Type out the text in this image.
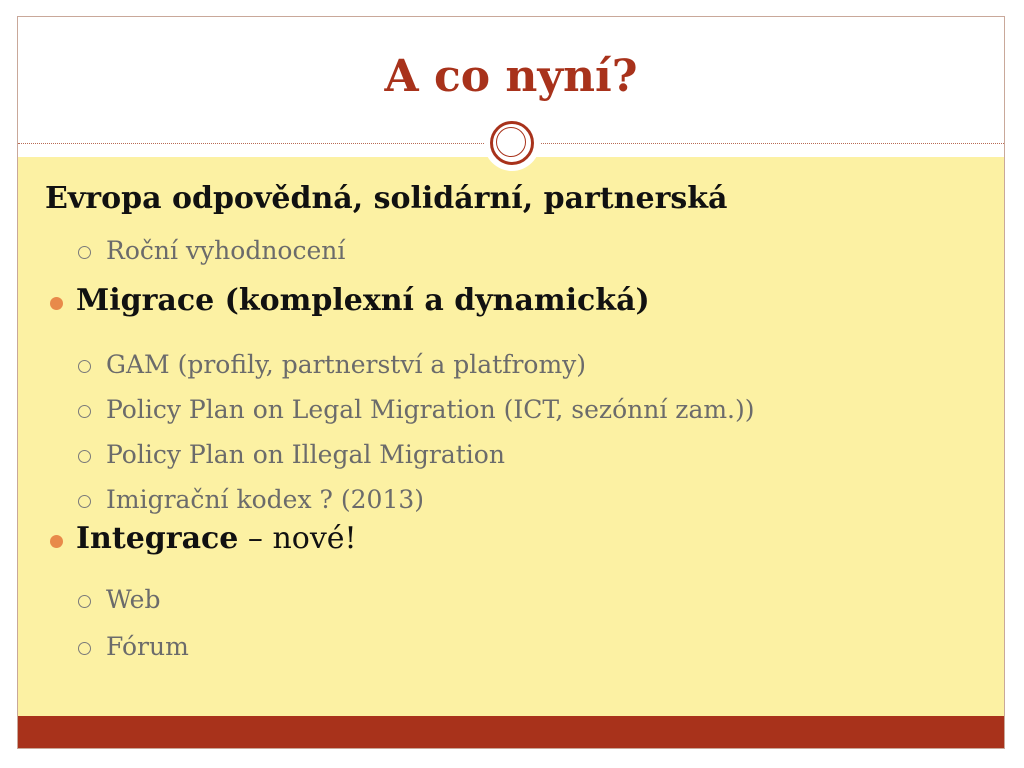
A co nyní?
Evropa odpovědná, solidární, partnerská
Roční vyhodnocení
Migrace (komplexní a dynamická)
GAM (profily, partnerství a platfromy)
Policy Plan on Legal Migration (ICT, sezónní zam.))
Policy Plan on Illegal Migration
Imigrační kodex ? (2013)
Integrace – nové!
Web
Fórum
